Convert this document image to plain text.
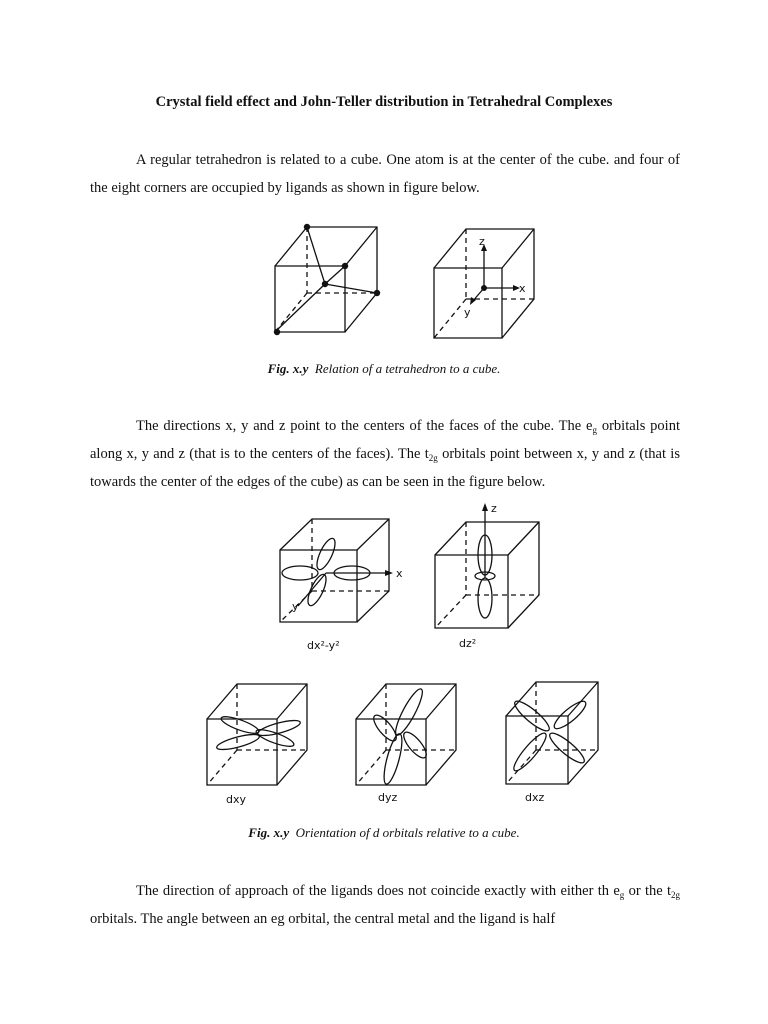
Crystal field effect and John-Teller distribution in Tetrahedral Complexes
A regular tetrahedron is related to a cube. One atom is at the center of the cube. and four of the eight corners are occupied by ligands as shown in figure below.
z
x
y
Fig. x.y Relation of a tetrahedron to a cube.
The directions x, y and z point to the centers of the faces of the cube. The $e_g$ orbitals point along x, y and z (that is to the centers of the faces). The $t_{2g}$ orbitals point between x, y and z (that is towards the center of the edges of the cube) as can be seen in the figure below.
x
y
dx²-y²
z
dz²
dxy	dyz	dxz
Fig. x.y Orientation of d orbitals relative to a cube.
The direction of approach of the ligands does not coincide exactly with either th $e_g$ or the $t_{2g}$ orbitals. The angle between an eg orbital, the central metal and the ligand is half
